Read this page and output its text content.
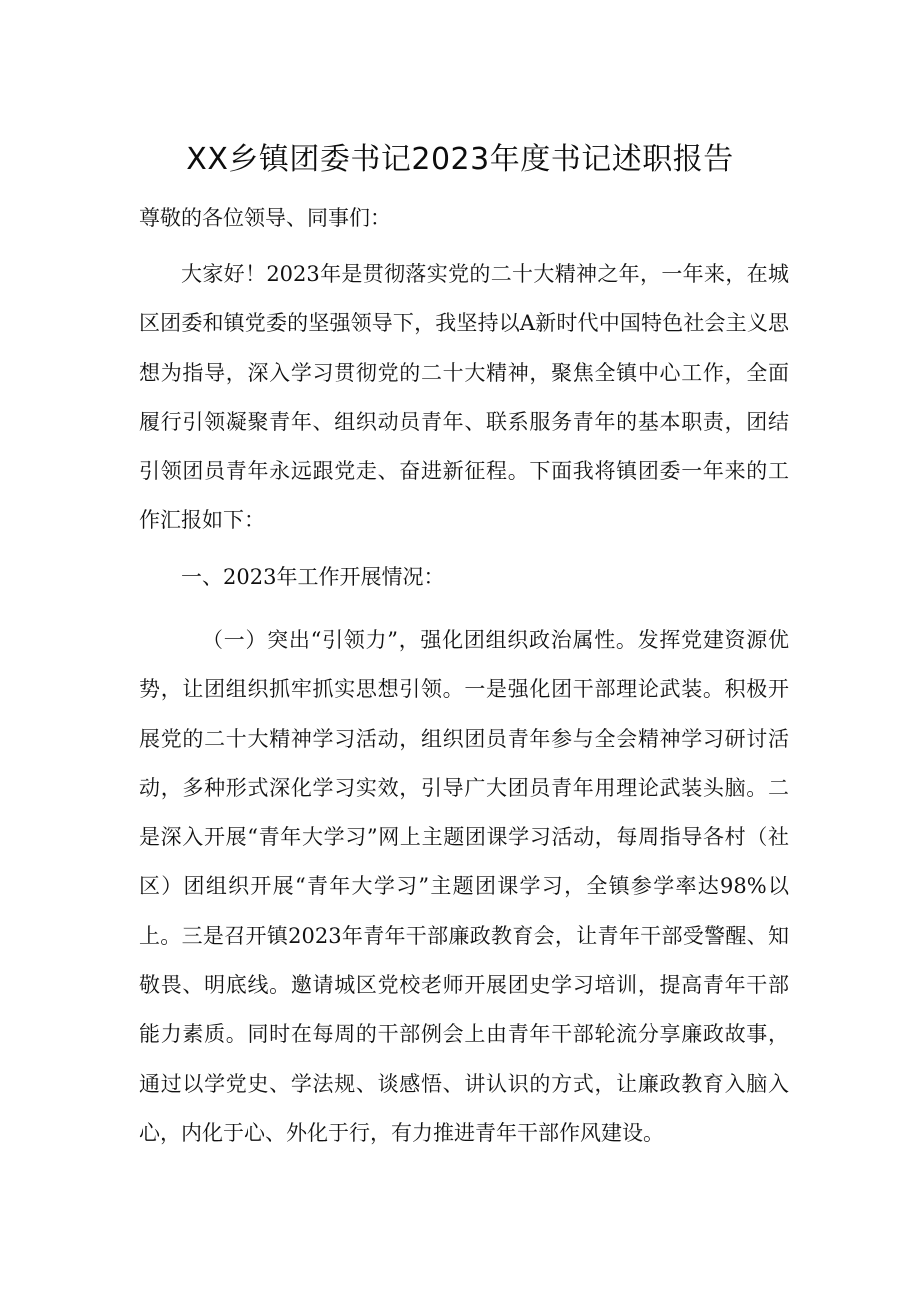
XX乡镇团委书记2023年度书记述职报告
尊敬的各位领导、同事们：

大家好！2023年是贯彻落实党的二十大精神之年，一年来，在城区团委和镇党委的坚强领导下，我坚持以A新时代中国特色社会主义思想为指导，深入学习贯彻党的二十大精神，聚焦全镇中心工作，全面履行引领凝聚青年、组织动员青年、联系服务青年的基本职责，团结引领团员青年永远跟党走、奋进新征程。下面我将镇团委一年来的工作汇报如下：

一、2023年工作开展情况：

（一）突出“引领力”，强化团组织政治属性。发挥党建资源优势，让团组织抓牢抓实思想引领。一是强化团干部理论武装。积极开展党的二十大精神学习活动，组织团员青年参与全会精神学习研讨活动，多种形式深化学习实效，引导广大团员青年用理论武装头脑。二是深入开展“青年大学习”网上主题团课学习活动，每周指导各村（社区）团组织开展“青年大学习”主题团课学习，全镇参学率达98%以上。三是召开镇2023年青年干部廉政教育会，让青年干部受警醒、知敬畏、明底线。邀请城区党校老师开展团史学习培训，提高青年干部能力素质。同时在每周的干部例会上由青年干部轮流分享廉政故事，通过以学党史、学法规、谈感悟、讲认识的方式，让廉政教育入脑入心，内化于心、外化于行，有力推进青年干部作风建设。
